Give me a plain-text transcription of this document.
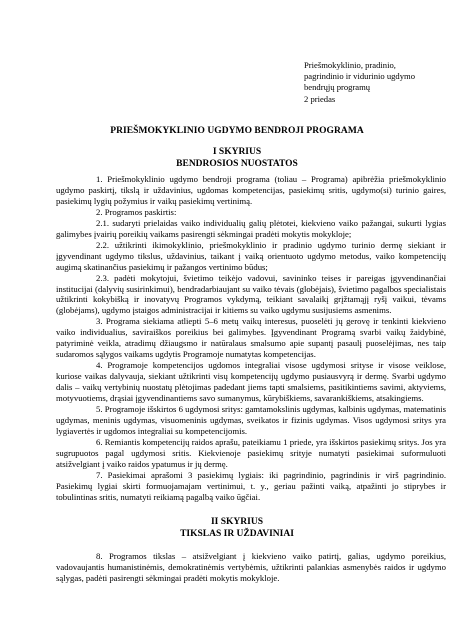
Priešmokyklinio, pradinio,
pagrindinio ir vidurinio ugdymo
bendrųjų programų
2 priedas
PRIEŠMOKYKLINIO UGDYMO BENDROJI PROGRAMA
I SKYRIUS
BENDROSIOS NUOSTATOS

1. Priešmokyklinio ugdymo bendroji programa (toliau – Programa) apibrėžia priešmokyklinio ugdymo paskirtį, tikslą ir uždavinius, ugdomas kompetencijas, pasiekimų sritis, ugdymo(si) turinio gaires, pasiekimų lygių požymius ir vaikų pasiekimų vertinimą.

2. Programos paskirtis:

2.1. sudaryti prielaidas vaiko individualių galių plėtotei, kiekvieno vaiko pažangai, sukurti lygias galimybes įvairių poreikių vaikams pasirengti sėkmingai pradėti mokytis mokykloje;

2.2. užtikrinti ikimokyklinio, priešmokyklinio ir pradinio ugdymo turinio dermę siekiant ir įgyvendinant ugdymo tikslus, uždavinius, taikant į vaiką orientuoto ugdymo metodus, vaiko kompetencijų augimą skatinančius pasiekimų ir pažangos vertinimo būdus;

2.3. padėti mokytojui, švietimo teikėjo vadovui, savininko teises ir pareigas įgyvendinančiai institucijai (dalyvių susirinkimui), bendradarbiaujant su vaiko tėvais (globėjais), švietimo pagalbos specialistais užtikrinti kokybišką ir inovatyvų Programos vykdymą, teikiant savalaikį grįžtamąjį ryšį vaikui, tėvams (globėjams), ugdymo įstaigos administracijai ir kitiems su vaiko ugdymu susijusiems asmenims.

3. Programa siekiama atliepti 5–6 metų vaikų interesus, puoselėti jų gerovę ir tenkinti kiekvieno vaiko individualius, saviraiškos poreikius bei galimybes. Įgyvendinant Programą svarbi vaikų žaidybinė, patyriminė veikla, atradimų džiaugsmo ir natūralaus smalsumo apie supantį pasaulį puoselėjimas, nes taip sudaromos sąlygos vaikams ugdytis Programoje numatytas kompetencijas.

4. Programoje kompetencijos ugdomos integraliai visose ugdymosi srityse ir visose veiklose, kuriose vaikas dalyvauja, siekiant užtikrinti visų kompetencijų ugdymo pusiausvyrą ir dermę. Svarbi ugdymo dalis – vaikų vertybinių nuostatų plėtojimas padedant jiems tapti smalsiems, pasitikintiems savimi, aktyviems, motyvuotiems, drąsiai įgyvendinantiems savo sumanymus, kūrybiškiems, savarankiškiems, atsakingiems.

5. Programoje išskirtos 6 ugdymosi sritys: gamtamokslinis ugdymas, kalbinis ugdymas, matematinis ugdymas, meninis ugdymas, visuomeninis ugdymas, sveikatos ir fizinis ugdymas. Visos ugdymosi sritys yra lygiavertės ir ugdomos integraliai su kompetencijomis.

6. Remiantis kompetencijų raidos aprašu, pateikiamu 1 priede, yra išskirtos pasiekimų sritys. Jos yra sugrupuotos pagal ugdymosi sritis. Kiekvienoje pasiekimų srityje numatyti pasiekimai suformuluoti atsižvelgiant į vaiko raidos ypatumus ir jų dermę.

7. Pasiekimai aprašomi 3 pasiekimų lygiais: iki pagrindinio, pagrindinis ir virš pagrindinio. Pasiekimų lygiai skirti formuojamajam vertinimui, t. y., geriau pažinti vaiką, atpažinti jo stiprybes ir tobulintinas sritis, numatyti reikiamą pagalbą vaiko ūgčiai.

II SKYRIUS
TIKSLAS IR UŽDAVINIAI

8. Programos tikslas – atsižvelgiant į kiekvieno vaiko patirtį, galias, ugdymo poreikius, vadovaujantis humanistinėmis, demokratinėmis vertybėmis, užtikrinti palankias asmenybės raidos ir ugdymo sąlygas, padėti pasirengti sėkmingai pradėti mokytis mokykloje.
